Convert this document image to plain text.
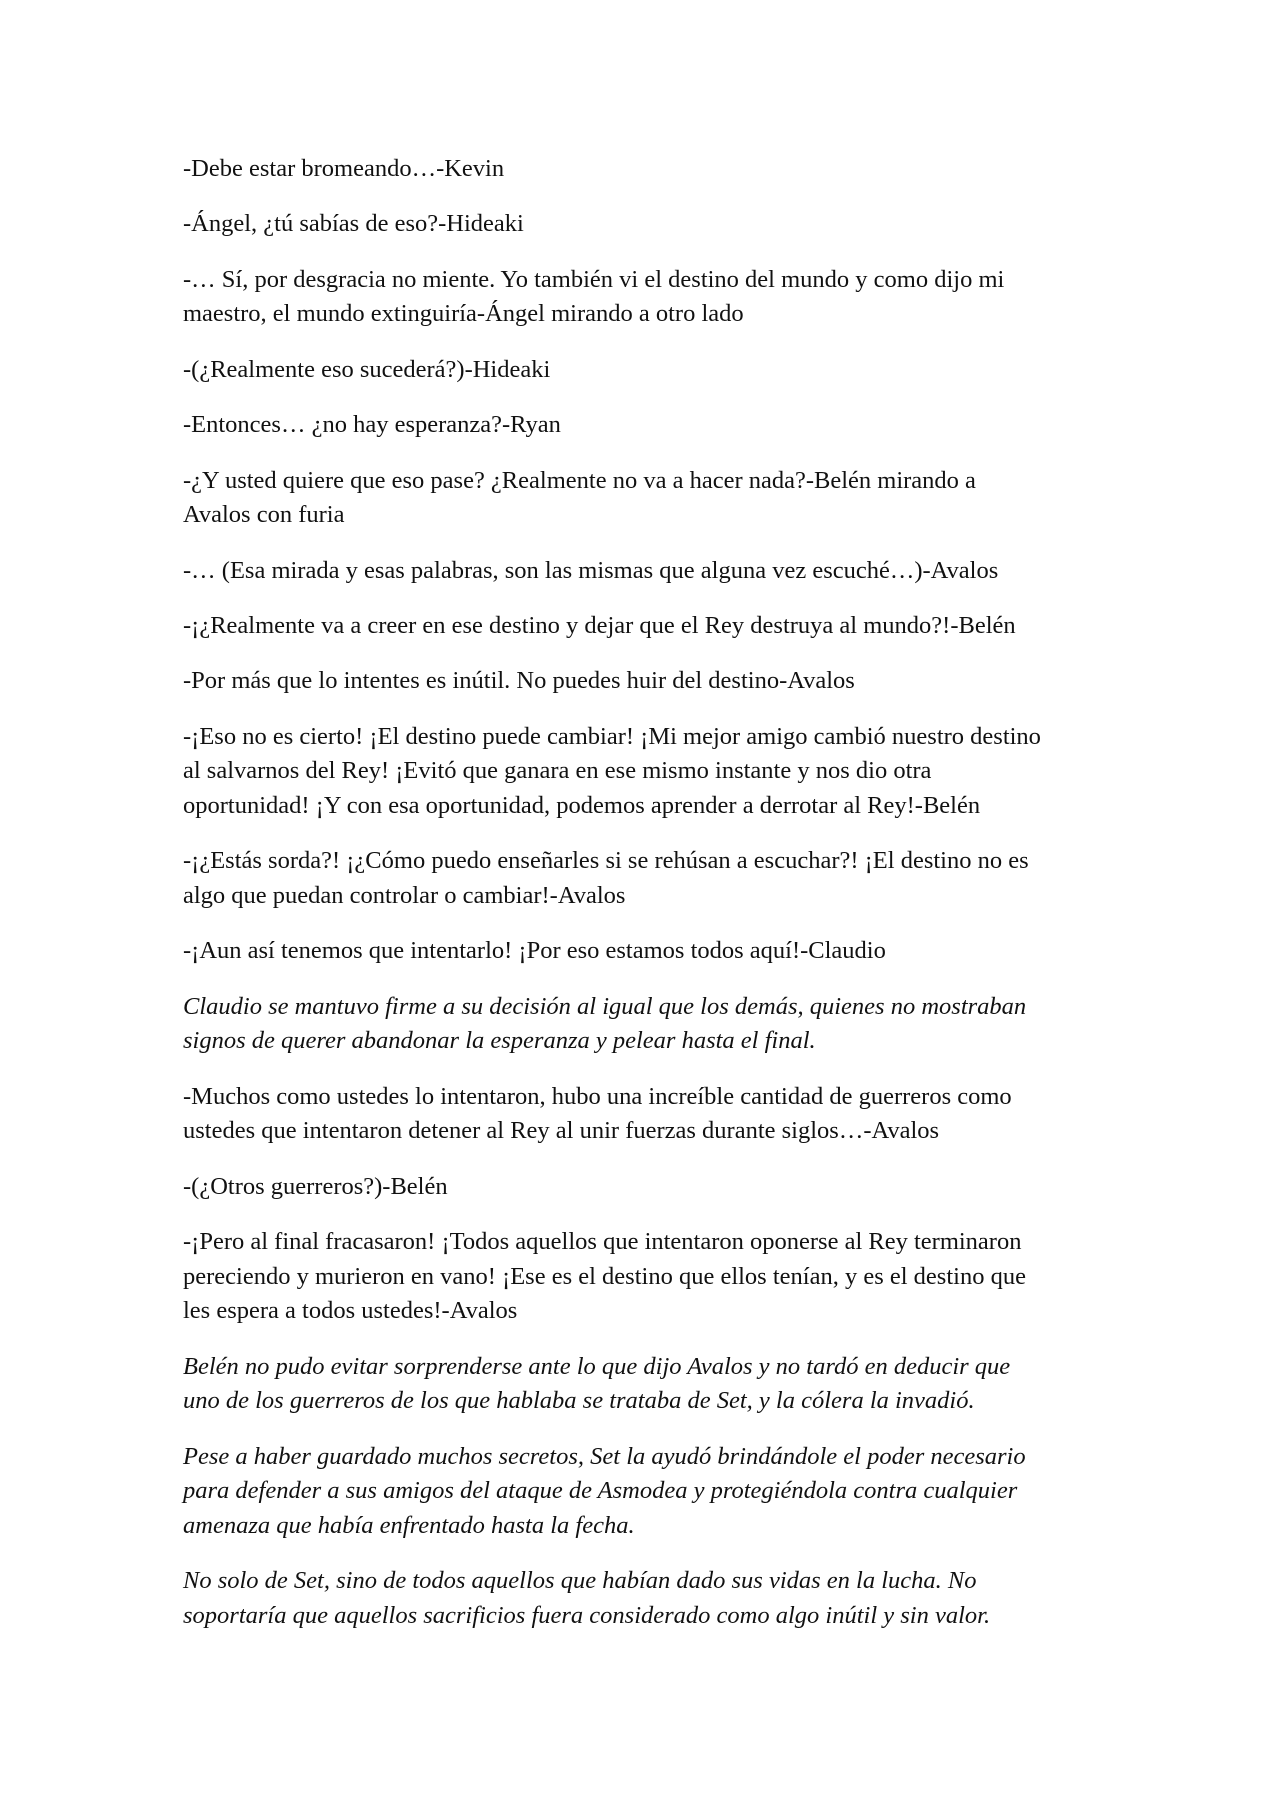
-Debe estar bromeando…-Kevin

-Ángel, ¿tú sabías de eso?-Hideaki

-… Sí, por desgracia no miente. Yo también vi el destino del mundo y como dijo mi
maestro, el mundo extinguiría-Ángel mirando a otro lado

-(¿Realmente eso sucederá?)-Hideaki

-Entonces… ¿no hay esperanza?-Ryan

-¿Y usted quiere que eso pase? ¿Realmente no va a hacer nada?-Belén mirando a
Avalos con furia

-… (Esa mirada y esas palabras, son las mismas que alguna vez escuché…)-Avalos

-¡¿Realmente va a creer en ese destino y dejar que el Rey destruya al mundo?!-Belén

-Por más que lo intentes es inútil. No puedes huir del destino-Avalos

-¡Eso no es cierto! ¡El destino puede cambiar! ¡Mi mejor amigo cambió nuestro destino
al salvarnos del Rey! ¡Evitó que ganara en ese mismo instante y nos dio otra
oportunidad! ¡Y con esa oportunidad, podemos aprender a derrotar al Rey!-Belén

-¡¿Estás sorda?! ¡¿Cómo puedo enseñarles si se rehúsan a escuchar?! ¡El destino no es
algo que puedan controlar o cambiar!-Avalos

-¡Aun así tenemos que intentarlo! ¡Por eso estamos todos aquí!-Claudio

Claudio se mantuvo firme a su decisión al igual que los demás, quienes no mostraban
signos de querer abandonar la esperanza y pelear hasta el final.

-Muchos como ustedes lo intentaron, hubo una increíble cantidad de guerreros como
ustedes que intentaron detener al Rey al unir fuerzas durante siglos…-Avalos

-(¿Otros guerreros?)-Belén

-¡Pero al final fracasaron! ¡Todos aquellos que intentaron oponerse al Rey terminaron
pereciendo y murieron en vano! ¡Ese es el destino que ellos tenían, y es el destino que
les espera a todos ustedes!-Avalos

Belén no pudo evitar sorprenderse ante lo que dijo Avalos y no tardó en deducir que
uno de los guerreros de los que hablaba se trataba de Set, y la cólera la invadió.

Pese a haber guardado muchos secretos, Set la ayudó brindándole el poder necesario
para defender a sus amigos del ataque de Asmodea y protegiéndola contra cualquier
amenaza que había enfrentado hasta la fecha.

No solo de Set, sino de todos aquellos que habían dado sus vidas en la lucha. No
soportaría que aquellos sacrificios fuera considerado como algo inútil y sin valor.
